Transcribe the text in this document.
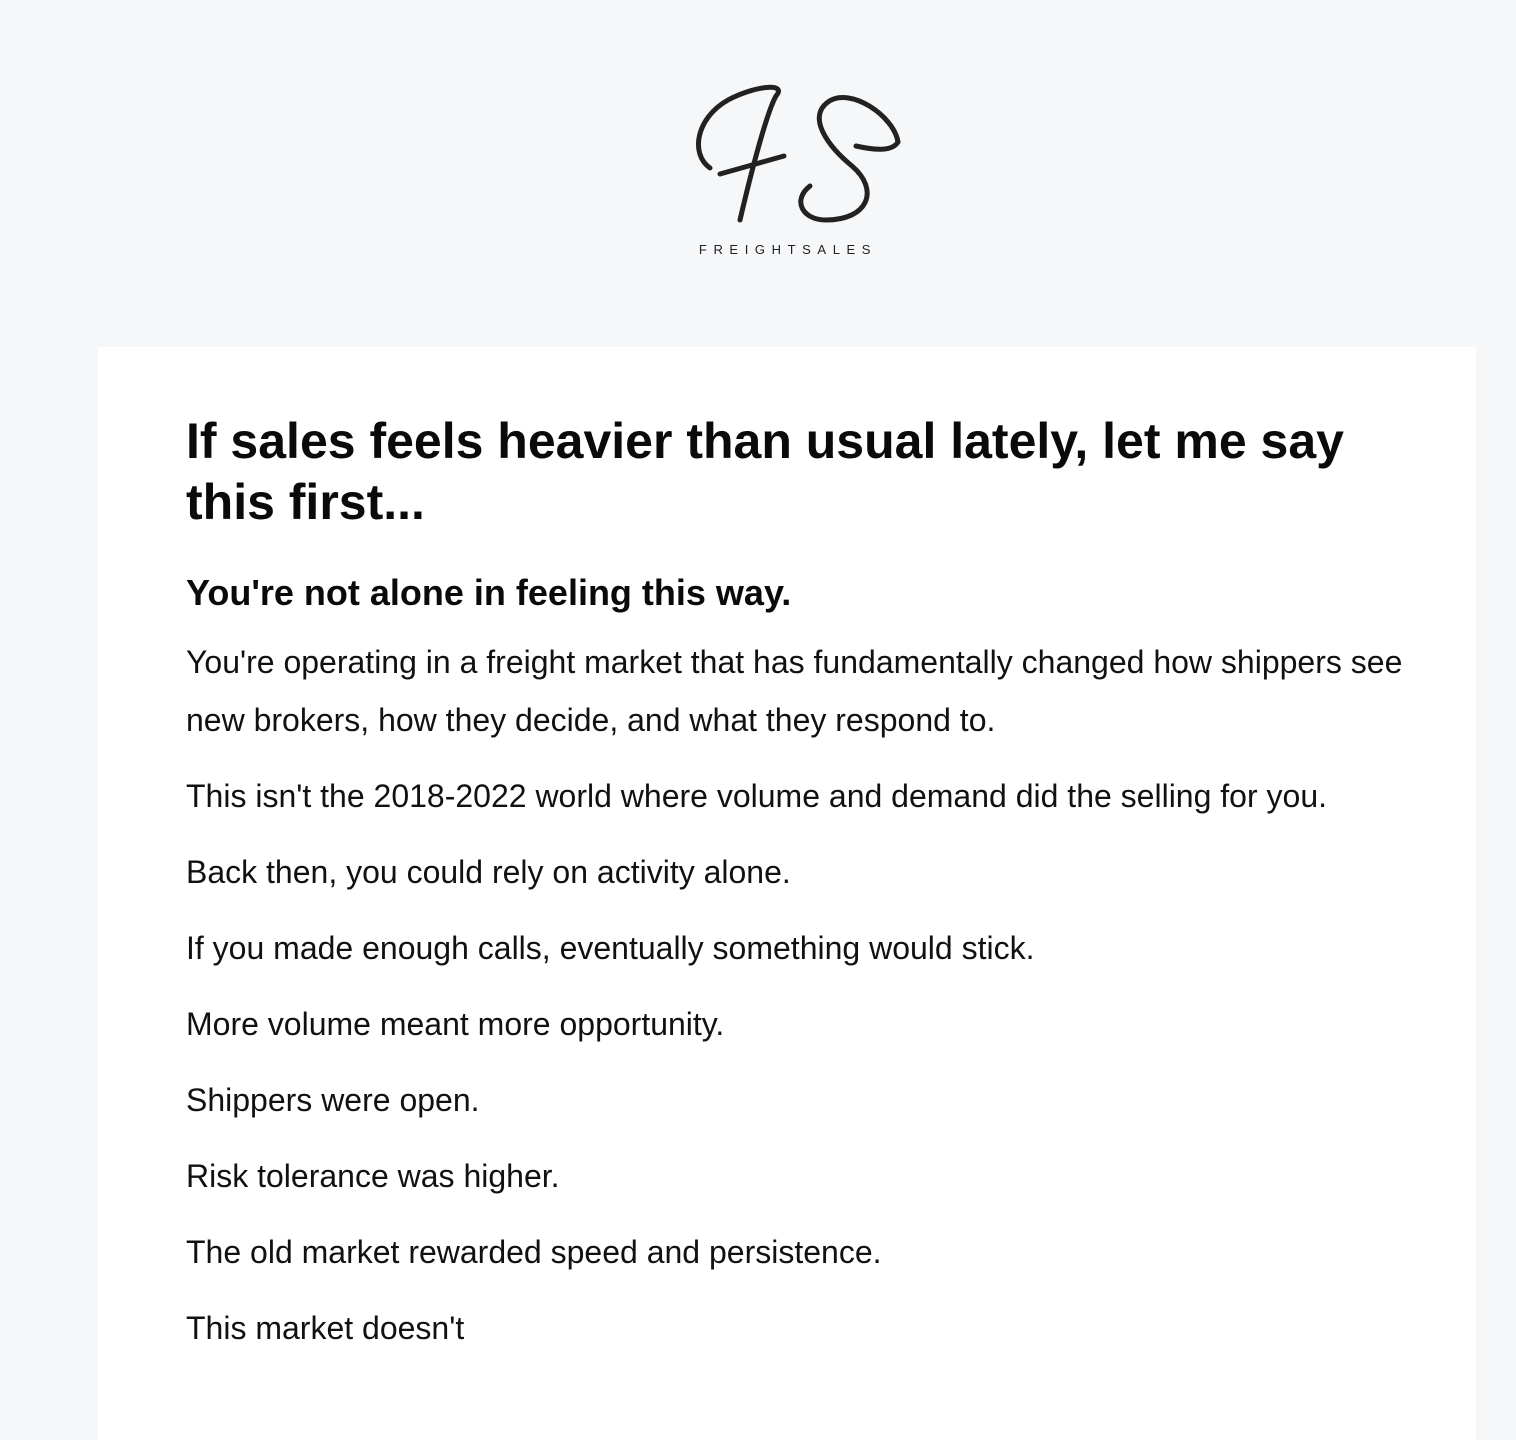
FREIGHTSALES
If sales feels heavier than usual lately, let me say this first...
You're not alone in feeling this way.

You're operating in a freight market that has fundamentally changed how shippers see new brokers, how they decide, and what they respond to.

This isn't the 2018-2022 world where volume and demand did the selling for you.

Back then, you could rely on activity alone.

If you made enough calls, eventually something would stick.

More volume meant more opportunity.

Shippers were open.

Risk tolerance was higher.

The old market rewarded speed and persistence.

This market doesn't
